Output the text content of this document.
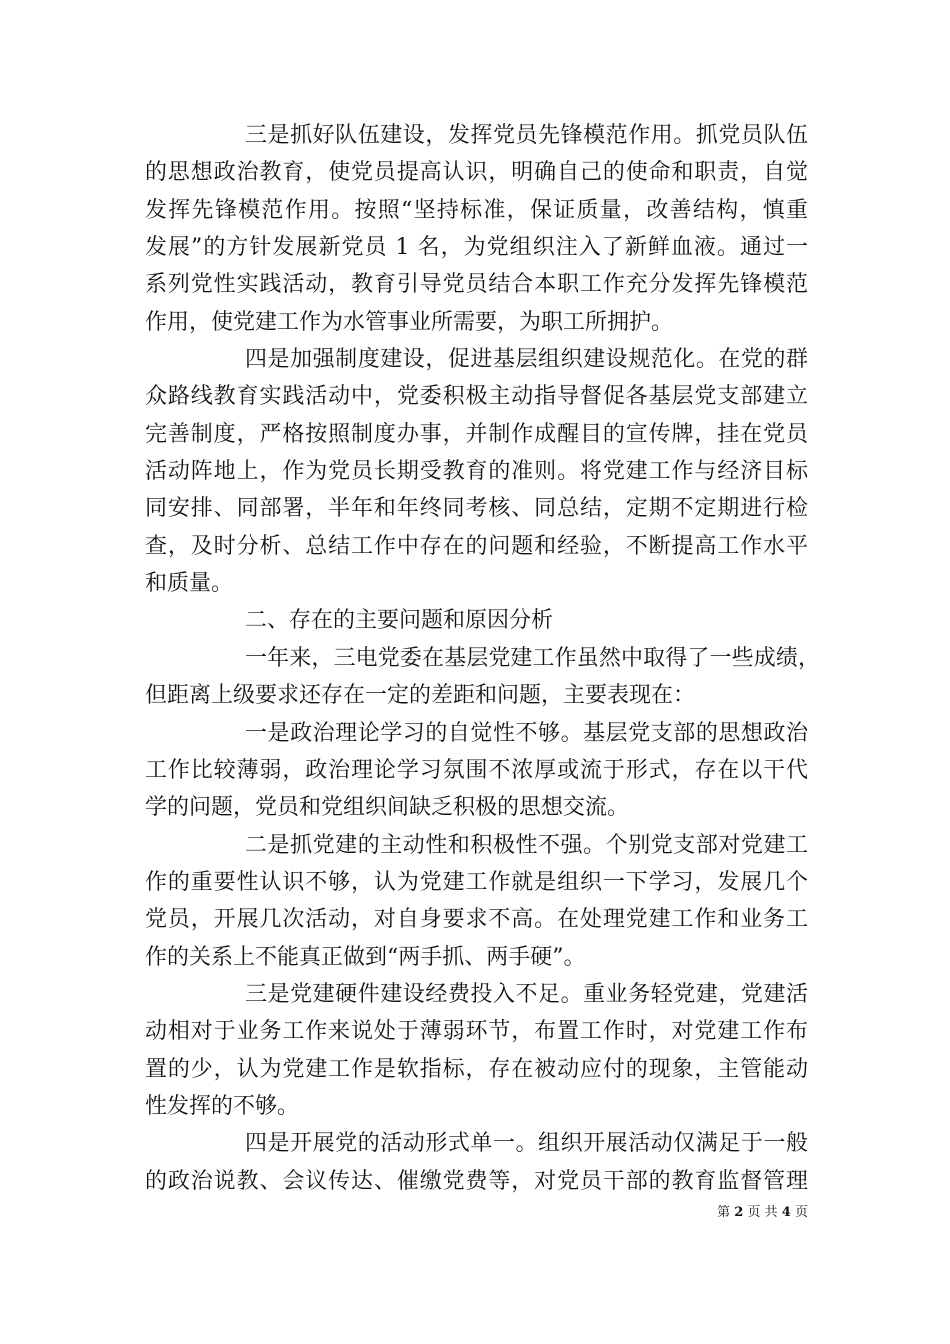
三是抓好队伍建设，发挥党员先锋模范作用。抓党员队伍
的思想政治教育，使党员提高认识，明确自己的使命和职责，自觉
发挥先锋模范作用。按照“坚持标准，保证质量，改善结构，慎重
发展”的方针发展新党员 1 名，为党组织注入了新鲜血液。通过一
系列党性实践活动，教育引导党员结合本职工作充分发挥先锋模范
作用，使党建工作为水管事业所需要，为职工所拥护。
四是加强制度建设，促进基层组织建设规范化。在党的群
众路线教育实践活动中，党委积极主动指导督促各基层党支部建立
完善制度，严格按照制度办事，并制作成醒目的宣传牌，挂在党员
活动阵地上，作为党员长期受教育的准则。将党建工作与经济目标
同安排、同部署，半年和年终同考核、同总结，定期不定期进行检
查，及时分析、总结工作中存在的问题和经验，不断提高工作水平
和质量。
二、存在的主要问题和原因分析
一年来，三电党委在基层党建工作虽然中取得了一些成绩，
但距离上级要求还存在一定的差距和问题，主要表现在：
一是政治理论学习的自觉性不够。基层党支部的思想政治
工作比较薄弱，政治理论学习氛围不浓厚或流于形式，存在以干代
学的问题，党员和党组织间缺乏积极的思想交流。
二是抓党建的主动性和积极性不强。个别党支部对党建工
作的重要性认识不够，认为党建工作就是组织一下学习，发展几个
党员，开展几次活动，对自身要求不高。在处理党建工作和业务工
作的关系上不能真正做到“两手抓、两手硬”。
三是党建硬件建设经费投入不足。重业务轻党建，党建活
动相对于业务工作来说处于薄弱环节，布置工作时，对党建工作布
置的少，认为党建工作是软指标，存在被动应付的现象，主管能动
性发挥的不够。
四是开展党的活动形式单一。组织开展活动仅满足于一般
的政治说教、会议传达、催缴党费等，对党员干部的教育监督管理
第 2 页 共 4 页
